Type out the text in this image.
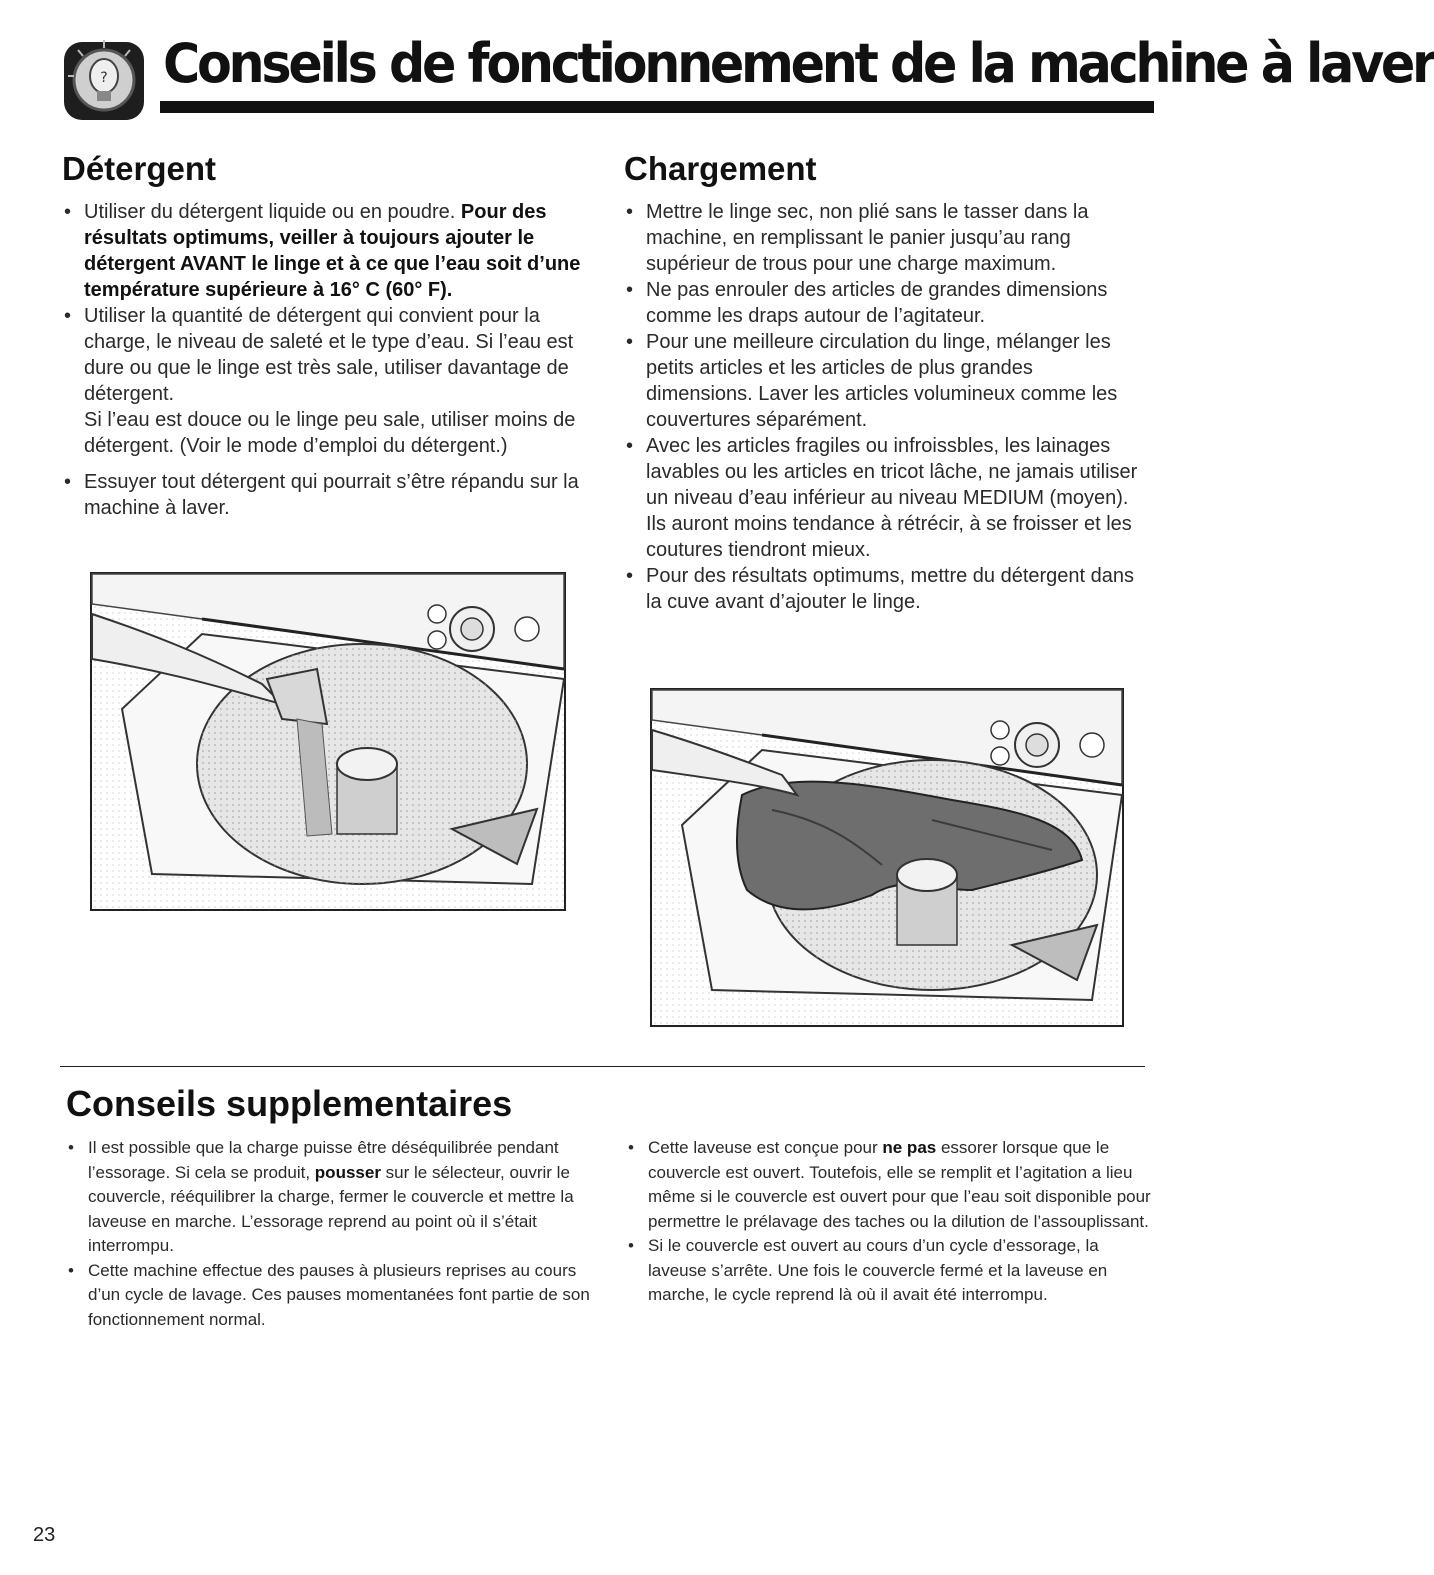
? Conseils de fonctionnement de la machine à laver
Détergent
• Utiliser du détergent liquide ou en poudre. Pour des résultats optimums, veiller à toujours ajouter le détergent AVANT le linge et à ce que l’eau soit d’une température supérieure à 16° C (60° F).
• Utiliser la quantité de détergent qui convient pour la charge, le niveau de saleté et le type d’eau. Si l’eau est dure ou que le linge est très sale, utiliser davantage de détergent.

Si l’eau est douce ou le linge peu sale, utiliser moins de détergent. (Voir le mode d’emploi du détergent.)

• Essuyer tout détergent qui pourrait s’être répandu sur la machine à laver.
Chargement
• Mettre le linge sec, non plié sans le tasser dans la machine, en remplissant le panier jusqu’au rang supérieur de trous pour une charge maximum.
• Ne pas enrouler des articles de grandes dimensions comme les draps autour de l’agitateur.
• Pour une meilleure circulation du linge, mélanger les petits articles et les articles de plus grandes dimensions. Laver les articles volumineux comme les couvertures séparément.
• Avec les articles fragiles ou infroissbles, les lainages lavables ou les articles en tricot lâche, ne jamais utiliser un niveau d’eau inférieur au niveau MEDIUM (moyen). Ils auront moins tendance à rétrécir, à se froisser et les coutures tiendront mieux.
• Pour des résultats optimums, mettre du détergent dans la cuve avant d’ajouter le linge.
Conseils supplementaires
• Il est possible que la charge puisse être déséquilibrée pendant l’essorage. Si cela se produit, pousser sur le sélecteur, ouvrir le couvercle, rééquilibrer la charge, fermer le couvercle et mettre la laveuse en marche. L’essorage reprend au point où il s’était interrompu.
• Cette machine effectue des pauses à plusieurs reprises au cours d’un cycle de lavage. Ces pauses momentanées font partie de son fonctionnement normal.
• Cette laveuse est conçue pour ne pas essorer lorsque que le couvercle est ouvert. Toutefois, elle se remplit et l’agitation a lieu même si le couvercle est ouvert pour que l’eau soit disponible pour permettre le prélavage des taches ou la dilution de l’assouplissant.
• Si le couvercle est ouvert au cours d’un cycle d’essorage, la laveuse s’arrête. Une fois le couvercle fermé et la laveuse en marche, le cycle reprend là où il avait été interrompu.
23
